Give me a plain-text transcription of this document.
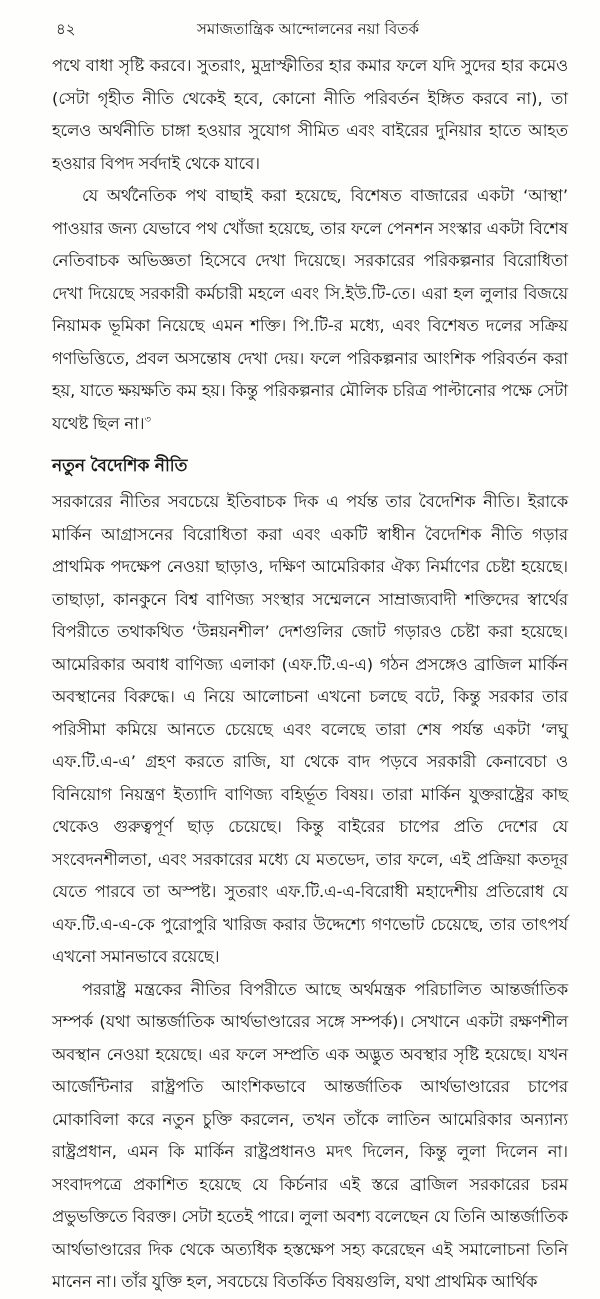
৪২	সমাজতান্ত্রিক আন্দোলনের নয়া বিতর্ক

পথে বাধা সৃষ্টি করবে। সুতরাং, মুদ্রাস্ফীতির হার কমার ফলে যদি সুদের হার কমেও (সেটা গৃহীত নীতি থেকেই হবে, কোনো নীতি পরিবর্তন ইঙ্গিত করবে না), তা হলেও অর্থনীতি চাঙ্গা হওয়ার সুযোগ সীমিত এবং বাইরের দুনিয়ার হাতে আহত হওয়ার বিপদ সর্বদাই থেকে যাবে।

যে অর্থনৈতিক পথ বাছাই করা হয়েছে, বিশেষত বাজারের একটা ‘আস্থা’ পাওয়ার জন্য যেভাবে পথ খোঁজা হয়েছে, তার ফলে পেনশন সংস্কার একটা বিশেষ নেতিবাচক অভিজ্ঞতা হিসেবে দেখা দিয়েছে। সরকারের পরিকল্পনার বিরোধিতা দেখা দিয়েছে সরকারী কর্মচারী মহলে এবং সি.ইউ.টি-তে। এরা হল লুলার বিজয়ে নিয়ামক ভূমিকা নিয়েছে এমন শক্তি। পি.টি-র মধ্যে, এবং বিশেষত দলের সক্রিয় গণভিত্তিতে, প্রবল অসন্তোষ দেখা দেয়। ফলে পরিকল্পনার আংশিক পরিবর্তন করা হয়, যাতে ক্ষয়ক্ষতি কম হয়। কিন্তু পরিকল্পনার মৌলিক চরিত্র পাল্টানোর পক্ষে সেটা যথেষ্ট ছিল না।$^৩$

নতুন বৈদেশিক নীতি

সরকারের নীতির সবচেয়ে ইতিবাচক দিক এ পর্যন্ত তার বৈদেশিক নীতি। ইরাকে মার্কিন আগ্রাসনের বিরোধিতা করা এবং একটি স্বাধীন বৈদেশিক নীতি গড়ার প্রাথমিক পদক্ষেপ নেওয়া ছাড়াও, দক্ষিণ আমেরিকার ঐক্য নির্মাণের চেষ্টা হয়েছে। তাছাড়া, কানকুনে বিশ্ব বাণিজ্য সংস্থার সম্মেলনে সাম্রাজ্যবাদী শক্তিদের স্বার্থের বিপরীতে তথাকথিত ‘উন্নয়নশীল’ দেশগুলির জোট গড়ারও চেষ্টা করা হয়েছে। আমেরিকার অবাধ বাণিজ্য এলাকা (এফ.টি.এ-এ) গঠন প্রসঙ্গেও ব্রাজিল মার্কিন অবস্থানের বিরুদ্ধে। এ নিয়ে আলোচনা এখনো চলছে বটে, কিন্তু সরকার তার পরিসীমা কমিয়ে আনতে চেয়েছে এবং বলেছে তারা শেষ পর্যন্ত একটা ‘লঘু এফ.টি.এ-এ’ গ্রহণ করতে রাজি, যা থেকে বাদ পড়বে সরকারী কেনাবেচা ও বিনিয়োগ নিয়ন্ত্রণ ইত্যাদি বাণিজ্য বহির্ভূত বিষয়। তারা মার্কিন যুক্তরাষ্ট্রের কাছ থেকেও গুরুত্বপূর্ণ ছাড় চেয়েছে। কিন্তু বাইরের চাপের প্রতি দেশের যে সংবেদনশীলতা, এবং সরকারের মধ্যে যে মতভেদ, তার ফলে, এই প্রক্রিয়া কতদূর যেতে পারবে তা অস্পষ্ট। সুতরাং এফ.টি.এ-এ-বিরোধী মহাদেশীয় প্রতিরোধ যে এফ.টি.এ-এ-কে পুরোপুরি খারিজ করার উদ্দেশ্যে গণভোট চেয়েছে, তার তাৎপর্য এখনো সমানভাবে রয়েছে।

পররাষ্ট্র মন্ত্রকের নীতির বিপরীতে আছে অর্থমন্ত্রক পরিচালিত আন্তর্জাতিক সম্পর্ক (যথা আন্তর্জাতিক আর্থভাণ্ডারের সঙ্গে সম্পর্ক)। সেখানে একটা রক্ষণশীল অবস্থান নেওয়া হয়েছে। এর ফলে সম্প্রতি এক অদ্ভুত অবস্থার সৃষ্টি হয়েছে। যখন আর্জেন্টিনার রাষ্ট্রপতি আংশিকভাবে আন্তর্জাতিক আর্থভাণ্ডারের চাপের মোকাবিলা করে নতুন চুক্তি করলেন, তখন তাঁকে লাতিন আমেরিকার অন্যান্য রাষ্ট্রপ্রধান, এমন কি মার্কিন রাষ্ট্রপ্রধানও মদৎ দিলেন, কিন্তু লুলা দিলেন না। সংবাদপত্রে প্রকাশিত হয়েছে যে কির্চনার এই স্তরে ব্রাজিল সরকারের চরম প্রভুভক্তিতে বিরক্ত। সেটা হতেই পারে। লুলা অবশ্য বলেছেন যে তিনি আন্তর্জাতিক আর্থভাণ্ডারের দিক থেকে অত্যধিক হস্তক্ষেপ সহ্য করেছেন এই সমালোচনা তিনি মানেন না। তাঁর যুক্তি হল, সবচেয়ে বিতর্কিত বিষয়গুলি, যথা প্রাথমিক আর্থিক
